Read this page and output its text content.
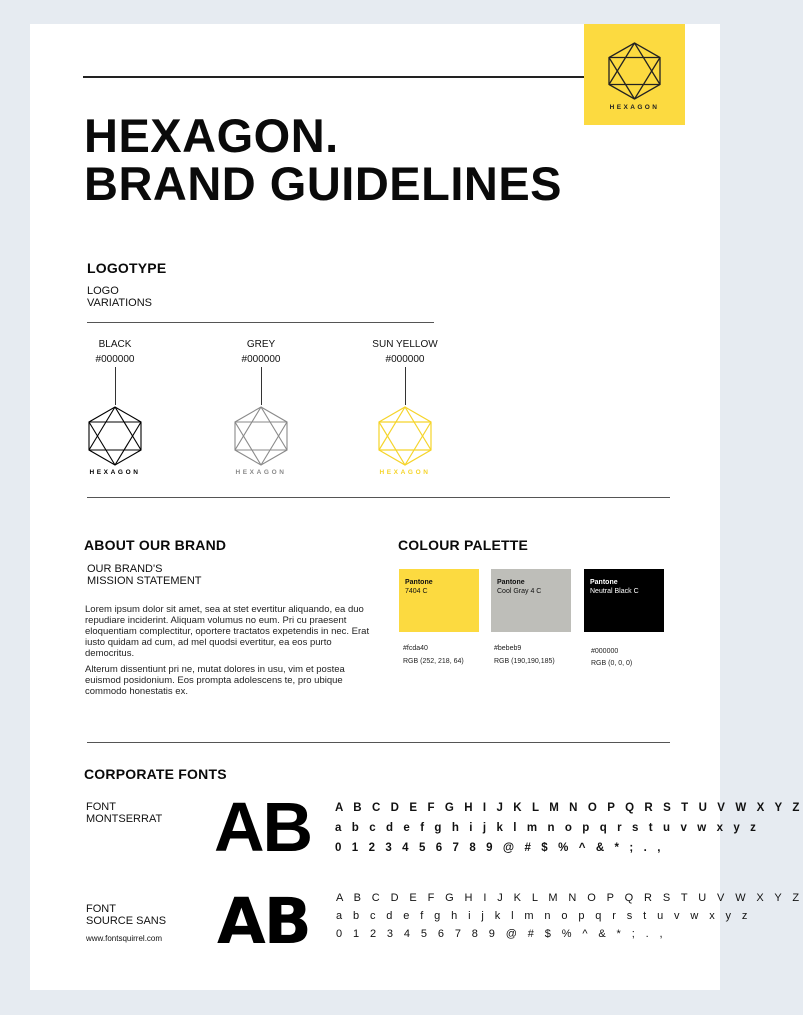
HEXAGON
HEXAGON.
BRAND GUIDELINES
LOGOTYPE
LOGO
VARIATIONS
BLACK
#000000
HEXAGON
GREY
#000000
HEXAGON
SUN YELLOW
#000000
HEXAGON
ABOUT OUR BRAND
OUR BRAND'S
MISSION STATEMENT
Lorem ipsum dolor sit amet, sea at stet evertitur aliquando, ea duo repudiare inciderint. Aliquam volumus no eum. Pri cu praesent eloquentiam complectitur, oportere tractatos expetendis in nec. Erat iusto quidam ad cum, ad mel quodsi evertitur, ea eos purto democritus.
Alterum dissentiunt pri ne, mutat dolores in usu, vim et postea euismod posidonium. Eos prompta adolescens te, pro ubique commodo honestatis ex.
COLOUR PALETTE
Pantone
7404 C
#fcda40
RGB (252, 218, 64)
Pantone
Cool Gray 4 C
#bebeb9
RGB (190,190,185)
Pantone
Neutral Black C
#000000
RGB (0, 0, 0)
CORPORATE FONTS
FONT
MONTSERRAT AB A B C D E F G H I J K L M N O P Q R S T U V W X Y Z
a b c d e f g h i j k l m n o p q r s t u v w x y z
0 1 2 3 4 5 6 7 8 9 @ # $ % ^ & * ; . ,
FONT
SOURCE SANS
www.fontsquirrel.com AB A B C D E F G H I J K L M N O P Q R S T U V W X Y Z
a b c d e f g h i j k l m n o p q r s t u v w x y z
0 1 2 3 4 5 6 7 8 9 @ # $ % ^ & * ; . ,
